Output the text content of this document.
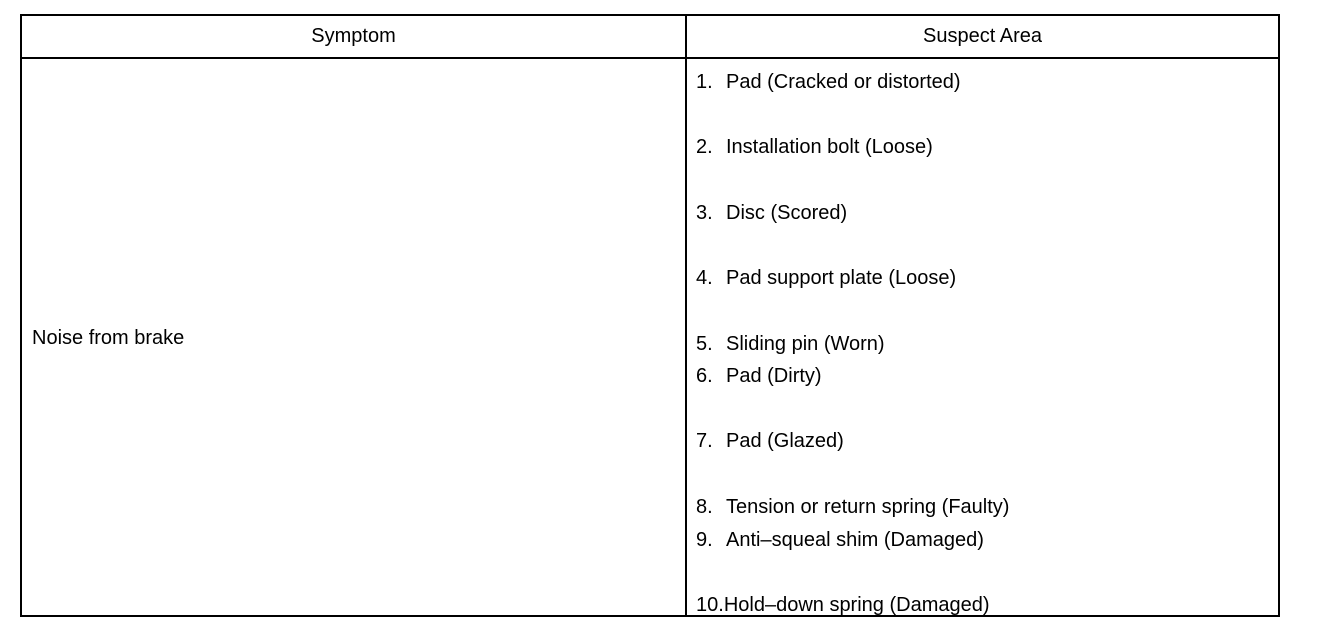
Symptom	Suspect Area
Noise from brake
1. Pad (Cracked or distorted)
2. Installation bolt (Loose)
3. Disc (Scored)
4. Pad support plate (Loose)
5. Sliding pin (Worn)
6. Pad (Dirty)
7. Pad (Glazed)
8. Tension or return spring (Faulty)
9. Anti–squeal shim (Damaged)
10.Hold–down spring (Damaged)
